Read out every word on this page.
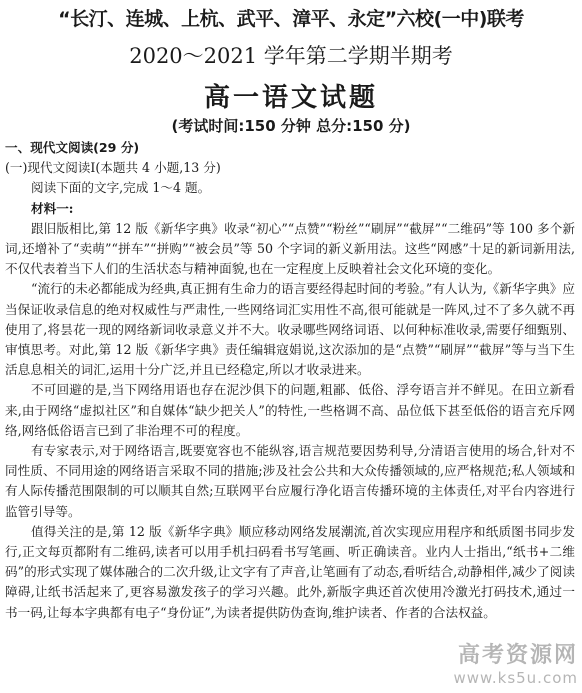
“长汀、连城、上杭、武平、漳平、永定”六校(一中)联考
2020～2021 学年第二学期半期考
高一语文试题
(考试时间:150 分钟 总分:150 分)

一、现代文阅读(29 分)

(一)现代文阅读Ⅰ(本题共 4 小题,13 分)

阅读下面的文字,完成 1～4 题。

材料一:

跟旧版相比,第 12 版《新华字典》收录“初心”“点赞”“粉丝”“刷屏”“截屏”“二维码”等 100 多个新词,还增补了“卖萌”“拼车”“拼购”“被会员”等 50 个字词的新义新用法。这些“网感”十足的新词新用法,不仅代表着当下人们的生活状态与精神面貌,也在一定程度上反映着社会文化环境的变化。

“流行的未必都能成为经典,真正拥有生命力的语言要经得起时间的考验。”有人认为,《新华字典》应当保证收录信息的绝对权威性与严肃性,一些网络词汇实用性不高,很可能就是一阵风,过不了多久就不再使用了,将昙花一现的网络新词收录意义并不大。收录哪些网络词语、以何种标准收录,需要仔细甄别、审慎思考。对此,第 12 版《新华字典》责任编辑寇娟说,这次添加的是“点赞”“刷屏”“截屏”等与当下生活息息相关的词汇,运用十分广泛,并且已经稳定,所以才收录进来。

不可回避的是,当下网络用语也存在泥沙俱下的问题,粗鄙、低俗、浮夸语言并不鲜见。在田立新看来,由于网络“虚拟社区”和自媒体“缺少把关人”的特性,一些格调不高、品位低下甚至低俗的语言充斥网络,网络低俗语言已到了非治理不可的程度。

有专家表示,对于网络语言,既要宽容也不能纵容,语言规范要因势利导,分清语言使用的场合,针对不同性质、不同用途的网络语言采取不同的措施;涉及社会公共和大众传播领域的,应严格规范;私人领域和有人际传播范围限制的可以顺其自然;互联网平台应履行净化语言传播环境的主体责任,对平台内容进行监管引导等。

值得关注的是,第 12 版《新华字典》顺应移动网络发展潮流,首次实现应用程序和纸质图书同步发行,正文每页都附有二维码,读者可以用手机扫码看书写笔画、听正确读音。业内人士指出,“纸书+二维码”的形式实现了媒体融合的二次升级,让文字有了声音,让笔画有了动态,看听结合,动静相伴,减少了阅读障碍,让纸书活起来了,更容易激发孩子的学习兴趣。此外,新版字典还首次使用冷激光打码技术,通过一书一码,让每本字典都有电子“身份证”,为读者提供防伪查询,维护读者、作者的合法权益。

高考资源网
www.ks5u.com
